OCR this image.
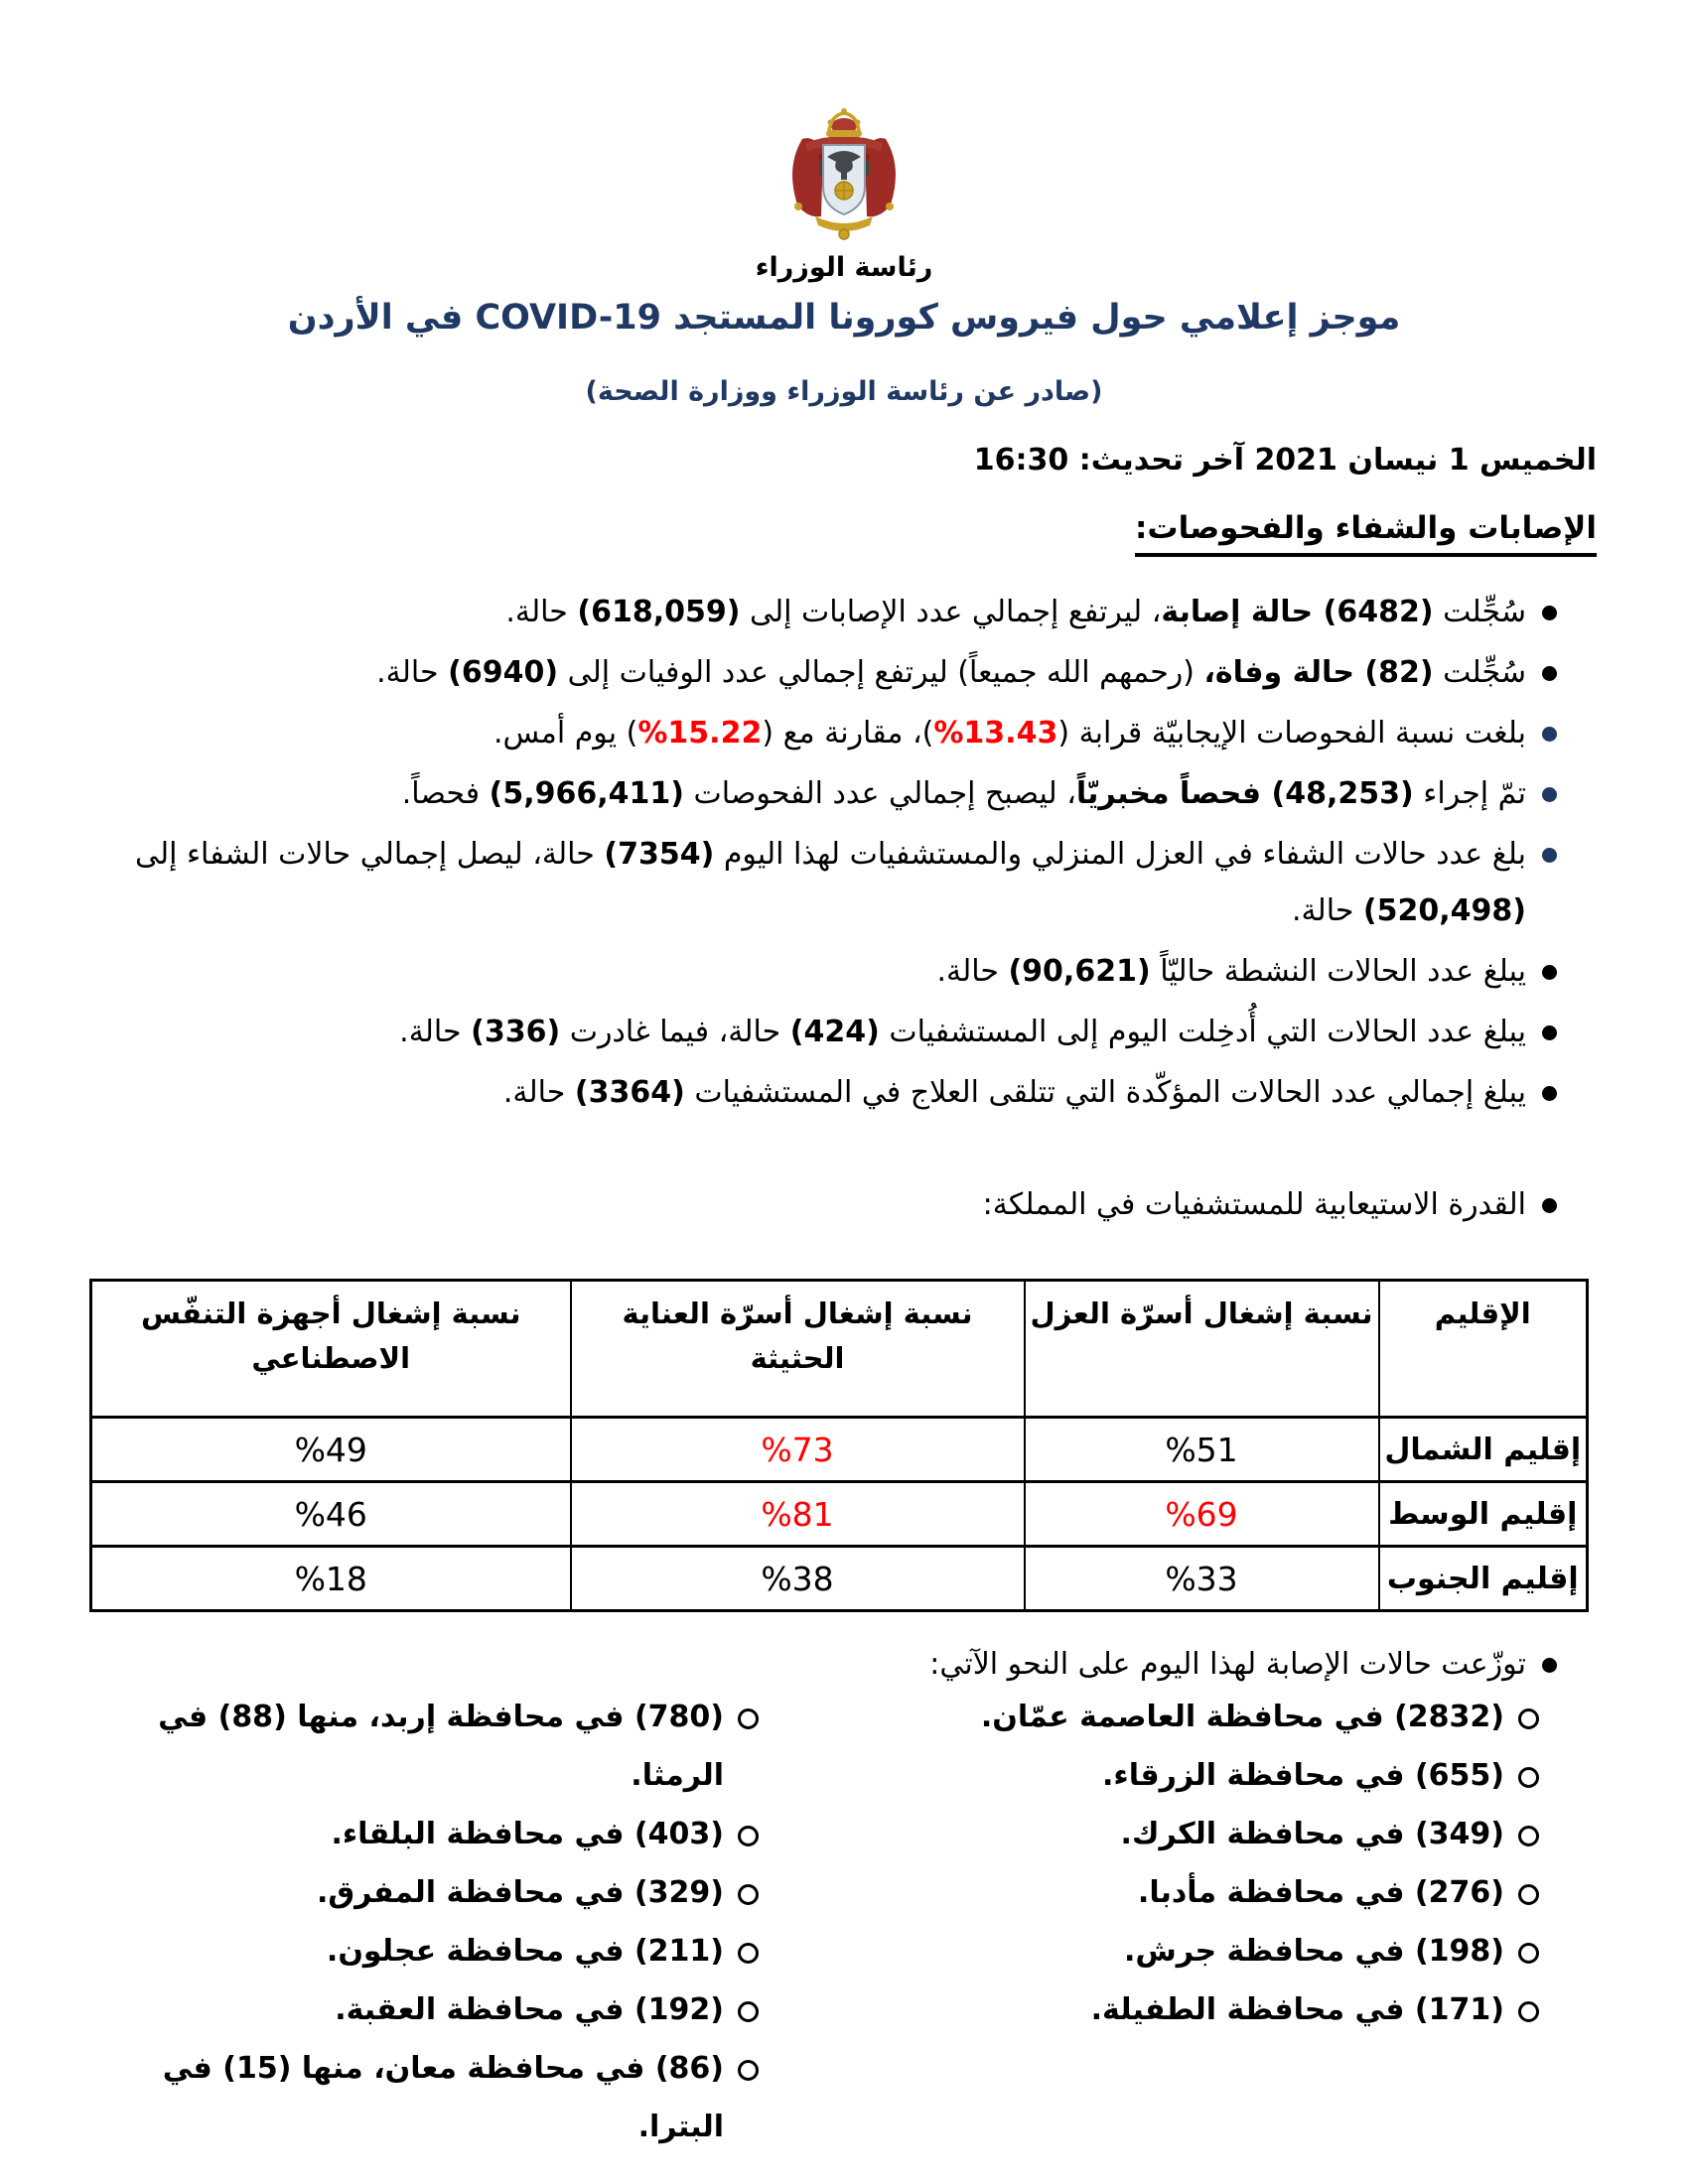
رئاسة الوزراء
موجز إعلامي حول فيروس كورونا المستجد COVID-19 في الأردن
(صادر عن رئاسة الوزراء ووزارة الصحة)
الخميس 1 نيسان 2021 آخر تحديث: 16:30
الإصابات والشفاء والفحوصات:
سُجِّلت (6482) حالة إصابة، ليرتفع إجمالي عدد الإصابات إلى (618,059) حالة.
سُجِّلت (82) حالة وفاة، (رحمهم الله جميعاً) ليرتفع إجمالي عدد الوفيات إلى (6940) حالة.
بلغت نسبة الفحوصات الإيجابيّة قرابة (%13.43)، مقارنة مع (%15.22) يوم أمس.
تمّ إجراء (48,253) فحصاً مخبريّاً، ليصبح إجمالي عدد الفحوصات (5,966,411) فحصاً.
بلغ عدد حالات الشفاء في العزل المنزلي والمستشفيات لهذا اليوم (7354) حالة، ليصل إجمالي حالات الشفاء إلى (520,498) حالة.
يبلغ عدد الحالات النشطة حاليّاً (90,621) حالة.
يبلغ عدد الحالات التي أُدخِلت اليوم إلى المستشفيات (424) حالة، فيما غادرت (336) حالة.
يبلغ إجمالي عدد الحالات المؤكّدة التي تتلقى العلاج في المستشفيات (3364) حالة.
القدرة الاستيعابية للمستشفيات في المملكة:
الإقليم	نسبة إشغال أسرّة العزل	نسبة إشغال أسرّة العناية الحثيثة	نسبة إشغال أجهزة التنفّس الاصطناعي
إقليم الشمال	%51	%73	%49
إقليم الوسط	%69	%81	%46
إقليم الجنوب	%33	%38	%18
توزّعت حالات الإصابة لهذا اليوم على النحو الآتي:
(2832) في محافظة العاصمة عمّان.
(655) في محافظة الزرقاء.
(349) في محافظة الكرك.
(276) في محافظة مأدبا.
(198) في محافظة جرش.
(171) في محافظة الطفيلة.
(780) في محافظة إربد، منها (88) في الرمثا.
(403) في محافظة البلقاء.
(329) في محافظة المفرق.
(211) في محافظة عجلون.
(192) في محافظة العقبة.
(86) في محافظة معان، منها (15) في البترا.
